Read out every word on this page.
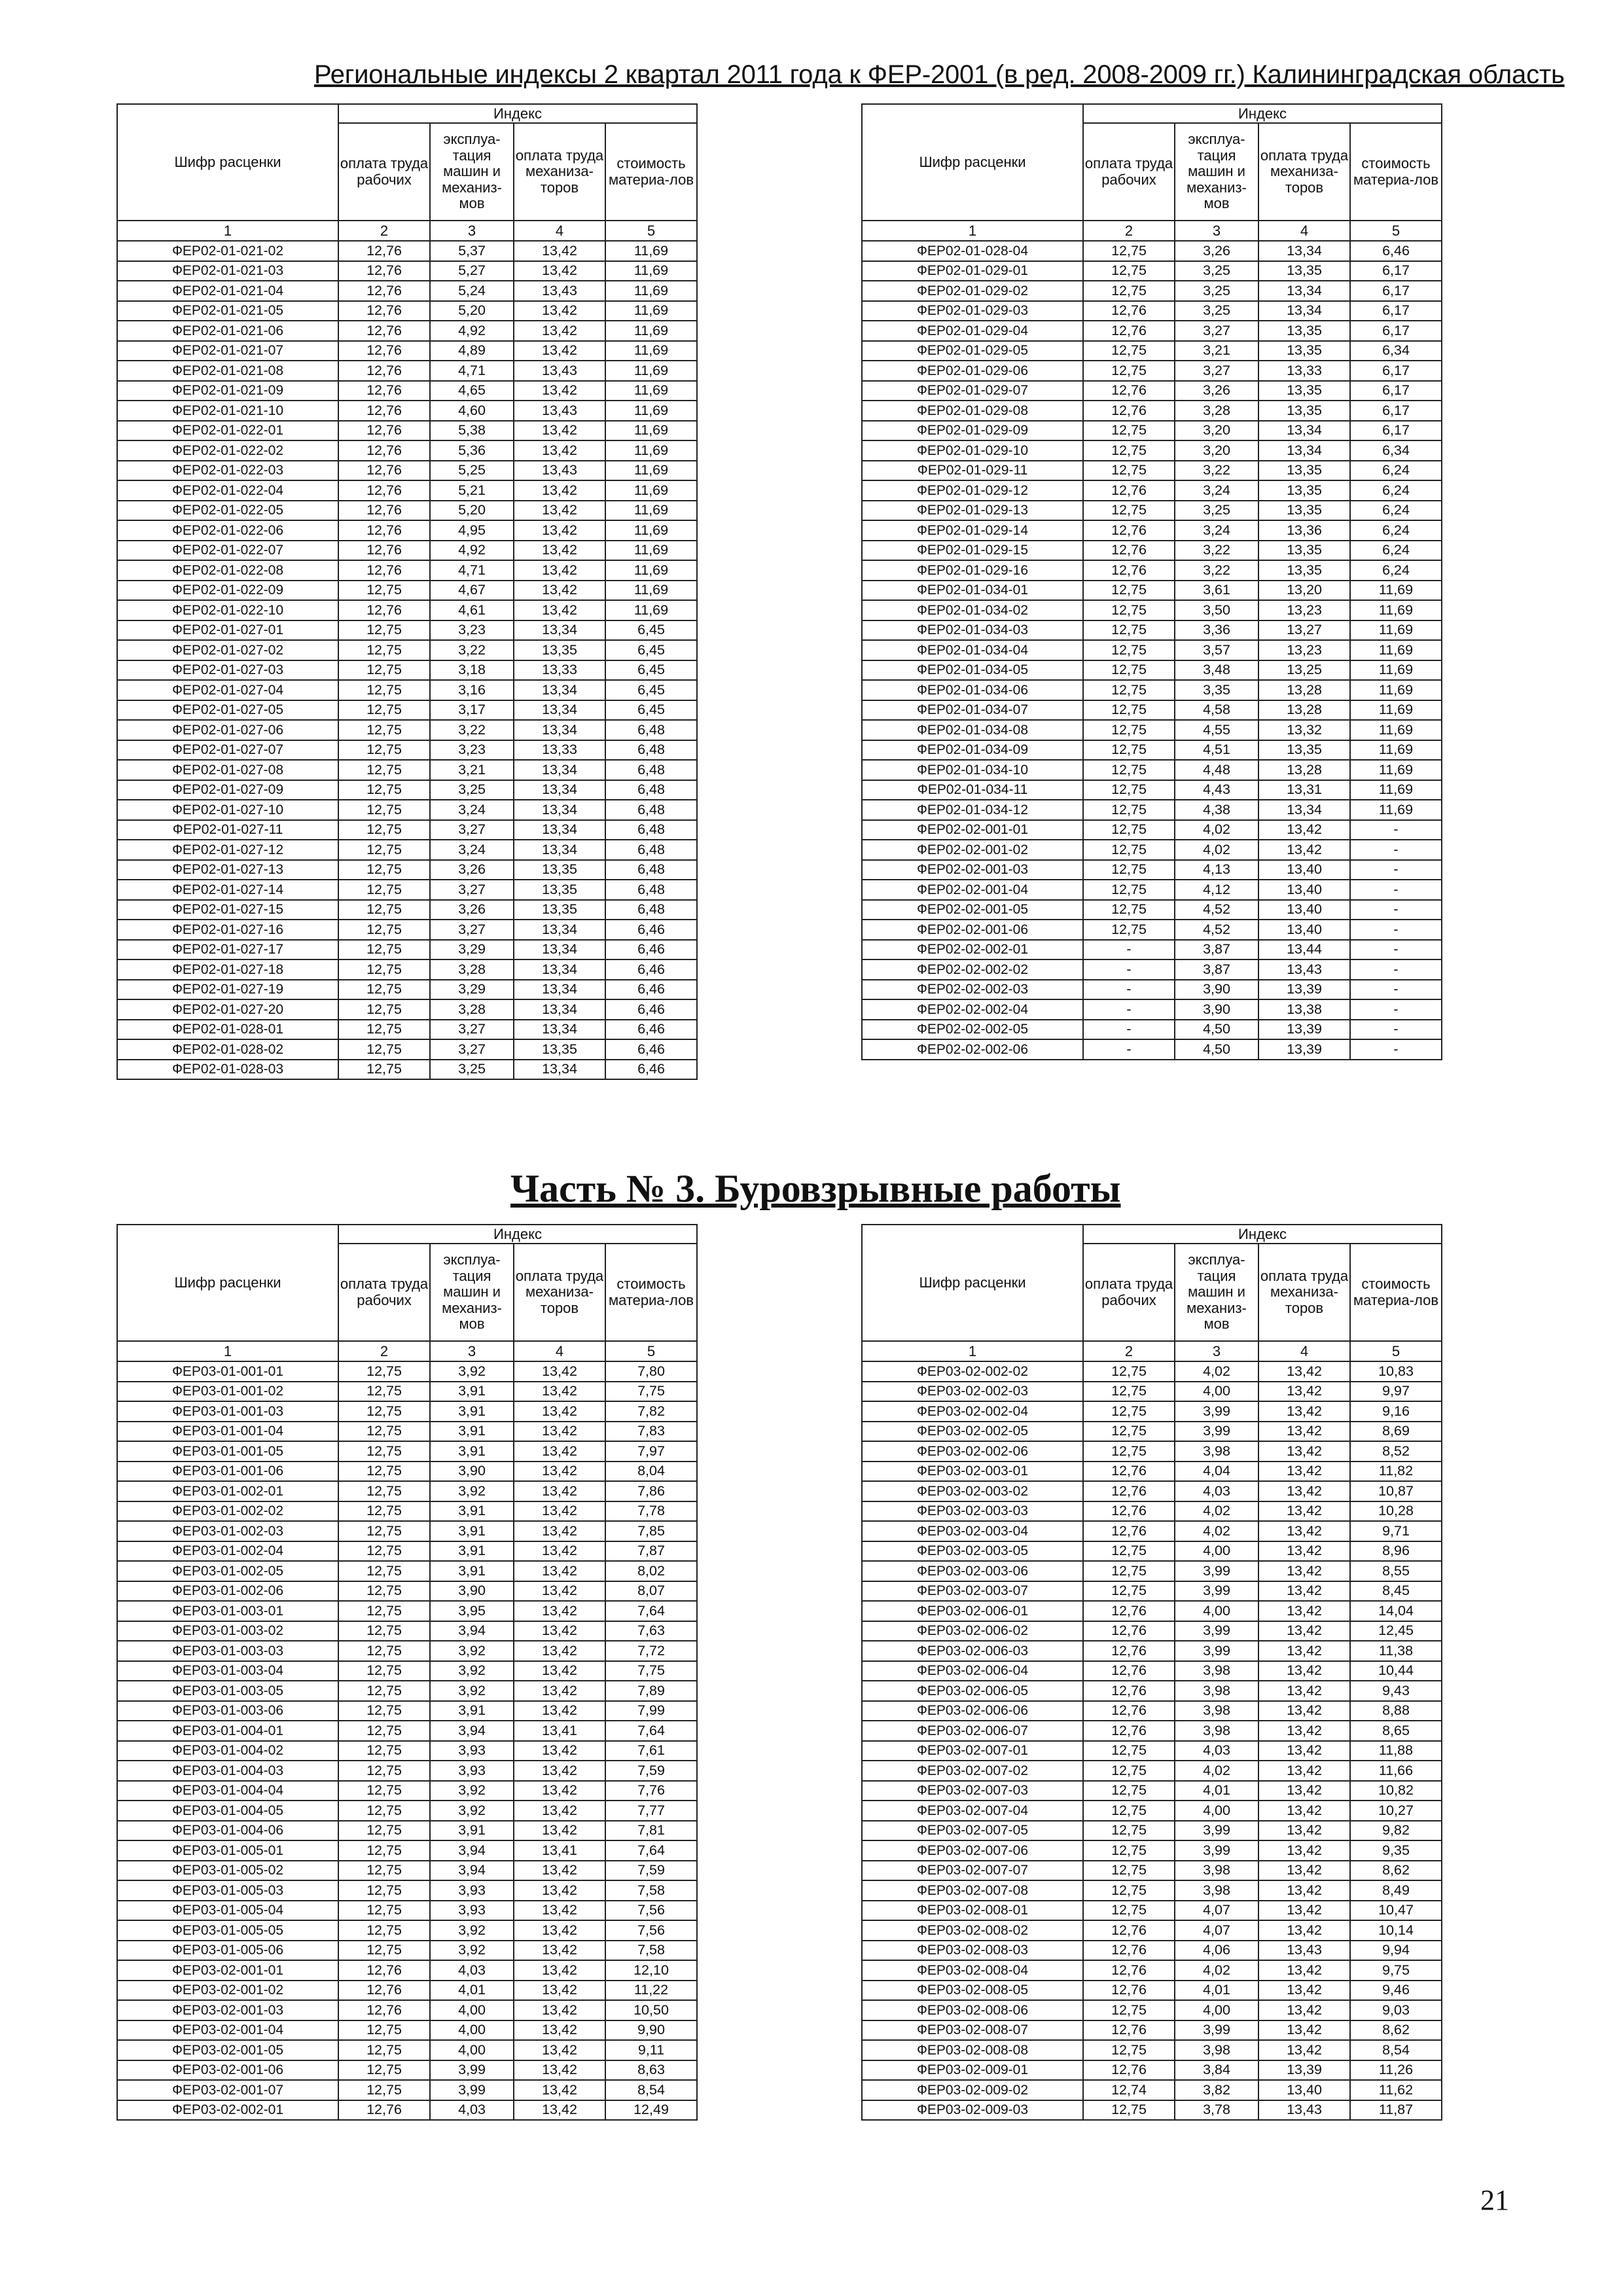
Региональные индексы 2 квартал 2011 года к ФЕР-2001 (в ред. 2008-2009 гг.) Калининградская область
Шифр расценки	Индекс			
	оплата труда рабочих	эксплуа-тация машин и механиз-мов	оплата труда механиза-торов	стоимость материа-лов
1	2	3	4	5
ФЕР02-01-021-02	12,76	5,37	13,42	11,69
ФЕР02-01-021-03	12,76	5,27	13,42	11,69
ФЕР02-01-021-04	12,76	5,24	13,43	11,69
ФЕР02-01-021-05	12,76	5,20	13,42	11,69
ФЕР02-01-021-06	12,76	4,92	13,42	11,69
ФЕР02-01-021-07	12,76	4,89	13,42	11,69
ФЕР02-01-021-08	12,76	4,71	13,43	11,69
ФЕР02-01-021-09	12,76	4,65	13,42	11,69
ФЕР02-01-021-10	12,76	4,60	13,43	11,69
ФЕР02-01-022-01	12,76	5,38	13,42	11,69
ФЕР02-01-022-02	12,76	5,36	13,42	11,69
ФЕР02-01-022-03	12,76	5,25	13,43	11,69
ФЕР02-01-022-04	12,76	5,21	13,42	11,69
ФЕР02-01-022-05	12,76	5,20	13,42	11,69
ФЕР02-01-022-06	12,76	4,95	13,42	11,69
ФЕР02-01-022-07	12,76	4,92	13,42	11,69
ФЕР02-01-022-08	12,76	4,71	13,42	11,69
ФЕР02-01-022-09	12,75	4,67	13,42	11,69
ФЕР02-01-022-10	12,76	4,61	13,42	11,69
ФЕР02-01-027-01	12,75	3,23	13,34	6,45
ФЕР02-01-027-02	12,75	3,22	13,35	6,45
ФЕР02-01-027-03	12,75	3,18	13,33	6,45
ФЕР02-01-027-04	12,75	3,16	13,34	6,45
ФЕР02-01-027-05	12,75	3,17	13,34	6,45
ФЕР02-01-027-06	12,75	3,22	13,34	6,48
ФЕР02-01-027-07	12,75	3,23	13,33	6,48
ФЕР02-01-027-08	12,75	3,21	13,34	6,48
ФЕР02-01-027-09	12,75	3,25	13,34	6,48
ФЕР02-01-027-10	12,75	3,24	13,34	6,48
ФЕР02-01-027-11	12,75	3,27	13,34	6,48
ФЕР02-01-027-12	12,75	3,24	13,34	6,48
ФЕР02-01-027-13	12,75	3,26	13,35	6,48
ФЕР02-01-027-14	12,75	3,27	13,35	6,48
ФЕР02-01-027-15	12,75	3,26	13,35	6,48
ФЕР02-01-027-16	12,75	3,27	13,34	6,46
ФЕР02-01-027-17	12,75	3,29	13,34	6,46
ФЕР02-01-027-18	12,75	3,28	13,34	6,46
ФЕР02-01-027-19	12,75	3,29	13,34	6,46
ФЕР02-01-027-20	12,75	3,28	13,34	6,46
ФЕР02-01-028-01	12,75	3,27	13,34	6,46
ФЕР02-01-028-02	12,75	3,27	13,35	6,46
ФЕР02-01-028-03	12,75	3,25	13,34	6,46
Шифр расценки	Индекс			
	оплата труда рабочих	эксплуа-тация машин и механиз-мов	оплата труда механиза-торов	стоимость материа-лов
1	2	3	4	5
ФЕР02-01-028-04	12,75	3,26	13,34	6,46
ФЕР02-01-029-01	12,75	3,25	13,35	6,17
ФЕР02-01-029-02	12,75	3,25	13,34	6,17
ФЕР02-01-029-03	12,76	3,25	13,34	6,17
ФЕР02-01-029-04	12,76	3,27	13,35	6,17
ФЕР02-01-029-05	12,75	3,21	13,35	6,34
ФЕР02-01-029-06	12,75	3,27	13,33	6,17
ФЕР02-01-029-07	12,76	3,26	13,35	6,17
ФЕР02-01-029-08	12,76	3,28	13,35	6,17
ФЕР02-01-029-09	12,75	3,20	13,34	6,17
ФЕР02-01-029-10	12,75	3,20	13,34	6,34
ФЕР02-01-029-11	12,75	3,22	13,35	6,24
ФЕР02-01-029-12	12,76	3,24	13,35	6,24
ФЕР02-01-029-13	12,75	3,25	13,35	6,24
ФЕР02-01-029-14	12,76	3,24	13,36	6,24
ФЕР02-01-029-15	12,76	3,22	13,35	6,24
ФЕР02-01-029-16	12,76	3,22	13,35	6,24
ФЕР02-01-034-01	12,75	3,61	13,20	11,69
ФЕР02-01-034-02	12,75	3,50	13,23	11,69
ФЕР02-01-034-03	12,75	3,36	13,27	11,69
ФЕР02-01-034-04	12,75	3,57	13,23	11,69
ФЕР02-01-034-05	12,75	3,48	13,25	11,69
ФЕР02-01-034-06	12,75	3,35	13,28	11,69
ФЕР02-01-034-07	12,75	4,58	13,28	11,69
ФЕР02-01-034-08	12,75	4,55	13,32	11,69
ФЕР02-01-034-09	12,75	4,51	13,35	11,69
ФЕР02-01-034-10	12,75	4,48	13,28	11,69
ФЕР02-01-034-11	12,75	4,43	13,31	11,69
ФЕР02-01-034-12	12,75	4,38	13,34	11,69
ФЕР02-02-001-01	12,75	4,02	13,42	-
ФЕР02-02-001-02	12,75	4,02	13,42	-
ФЕР02-02-001-03	12,75	4,13	13,40	-
ФЕР02-02-001-04	12,75	4,12	13,40	-
ФЕР02-02-001-05	12,75	4,52	13,40	-
ФЕР02-02-001-06	12,75	4,52	13,40	-
ФЕР02-02-002-01	-	3,87	13,44	-
ФЕР02-02-002-02	-	3,87	13,43	-
ФЕР02-02-002-03	-	3,90	13,39	-
ФЕР02-02-002-04	-	3,90	13,38	-
ФЕР02-02-002-05	-	4,50	13,39	-
ФЕР02-02-002-06	-	4,50	13,39	-
Часть № 3. Буровзрывные работы
Шифр расценки	Индекс			
	оплата труда рабочих	эксплуа-тация машин и механиз-мов	оплата труда механиза-торов	стоимость материа-лов
1	2	3	4	5
ФЕР03-01-001-01	12,75	3,92	13,42	7,80
ФЕР03-01-001-02	12,75	3,91	13,42	7,75
ФЕР03-01-001-03	12,75	3,91	13,42	7,82
ФЕР03-01-001-04	12,75	3,91	13,42	7,83
ФЕР03-01-001-05	12,75	3,91	13,42	7,97
ФЕР03-01-001-06	12,75	3,90	13,42	8,04
ФЕР03-01-002-01	12,75	3,92	13,42	7,86
ФЕР03-01-002-02	12,75	3,91	13,42	7,78
ФЕР03-01-002-03	12,75	3,91	13,42	7,85
ФЕР03-01-002-04	12,75	3,91	13,42	7,87
ФЕР03-01-002-05	12,75	3,91	13,42	8,02
ФЕР03-01-002-06	12,75	3,90	13,42	8,07
ФЕР03-01-003-01	12,75	3,95	13,42	7,64
ФЕР03-01-003-02	12,75	3,94	13,42	7,63
ФЕР03-01-003-03	12,75	3,92	13,42	7,72
ФЕР03-01-003-04	12,75	3,92	13,42	7,75
ФЕР03-01-003-05	12,75	3,92	13,42	7,89
ФЕР03-01-003-06	12,75	3,91	13,42	7,99
ФЕР03-01-004-01	12,75	3,94	13,41	7,64
ФЕР03-01-004-02	12,75	3,93	13,42	7,61
ФЕР03-01-004-03	12,75	3,93	13,42	7,59
ФЕР03-01-004-04	12,75	3,92	13,42	7,76
ФЕР03-01-004-05	12,75	3,92	13,42	7,77
ФЕР03-01-004-06	12,75	3,91	13,42	7,81
ФЕР03-01-005-01	12,75	3,94	13,41	7,64
ФЕР03-01-005-02	12,75	3,94	13,42	7,59
ФЕР03-01-005-03	12,75	3,93	13,42	7,58
ФЕР03-01-005-04	12,75	3,93	13,42	7,56
ФЕР03-01-005-05	12,75	3,92	13,42	7,56
ФЕР03-01-005-06	12,75	3,92	13,42	7,58
ФЕР03-02-001-01	12,76	4,03	13,42	12,10
ФЕР03-02-001-02	12,76	4,01	13,42	11,22
ФЕР03-02-001-03	12,76	4,00	13,42	10,50
ФЕР03-02-001-04	12,75	4,00	13,42	9,90
ФЕР03-02-001-05	12,75	4,00	13,42	9,11
ФЕР03-02-001-06	12,75	3,99	13,42	8,63
ФЕР03-02-001-07	12,75	3,99	13,42	8,54
ФЕР03-02-002-01	12,76	4,03	13,42	12,49
Шифр расценки	Индекс			
	оплата труда рабочих	эксплуа-тация машин и механиз-мов	оплата труда механиза-торов	стоимость материа-лов
1	2	3	4	5
ФЕР03-02-002-02	12,75	4,02	13,42	10,83
ФЕР03-02-002-03	12,75	4,00	13,42	9,97
ФЕР03-02-002-04	12,75	3,99	13,42	9,16
ФЕР03-02-002-05	12,75	3,99	13,42	8,69
ФЕР03-02-002-06	12,75	3,98	13,42	8,52
ФЕР03-02-003-01	12,76	4,04	13,42	11,82
ФЕР03-02-003-02	12,76	4,03	13,42	10,87
ФЕР03-02-003-03	12,76	4,02	13,42	10,28
ФЕР03-02-003-04	12,76	4,02	13,42	9,71
ФЕР03-02-003-05	12,75	4,00	13,42	8,96
ФЕР03-02-003-06	12,75	3,99	13,42	8,55
ФЕР03-02-003-07	12,75	3,99	13,42	8,45
ФЕР03-02-006-01	12,76	4,00	13,42	14,04
ФЕР03-02-006-02	12,76	3,99	13,42	12,45
ФЕР03-02-006-03	12,76	3,99	13,42	11,38
ФЕР03-02-006-04	12,76	3,98	13,42	10,44
ФЕР03-02-006-05	12,76	3,98	13,42	9,43
ФЕР03-02-006-06	12,76	3,98	13,42	8,88
ФЕР03-02-006-07	12,76	3,98	13,42	8,65
ФЕР03-02-007-01	12,75	4,03	13,42	11,88
ФЕР03-02-007-02	12,75	4,02	13,42	11,66
ФЕР03-02-007-03	12,75	4,01	13,42	10,82
ФЕР03-02-007-04	12,75	4,00	13,42	10,27
ФЕР03-02-007-05	12,75	3,99	13,42	9,82
ФЕР03-02-007-06	12,75	3,99	13,42	9,35
ФЕР03-02-007-07	12,75	3,98	13,42	8,62
ФЕР03-02-007-08	12,75	3,98	13,42	8,49
ФЕР03-02-008-01	12,75	4,07	13,42	10,47
ФЕР03-02-008-02	12,76	4,07	13,42	10,14
ФЕР03-02-008-03	12,76	4,06	13,43	9,94
ФЕР03-02-008-04	12,76	4,02	13,42	9,75
ФЕР03-02-008-05	12,76	4,01	13,42	9,46
ФЕР03-02-008-06	12,75	4,00	13,42	9,03
ФЕР03-02-008-07	12,76	3,99	13,42	8,62
ФЕР03-02-008-08	12,75	3,98	13,42	8,54
ФЕР03-02-009-01	12,76	3,84	13,39	11,26
ФЕР03-02-009-02	12,74	3,82	13,40	11,62
ФЕР03-02-009-03	12,75	3,78	13,43	11,87
21
